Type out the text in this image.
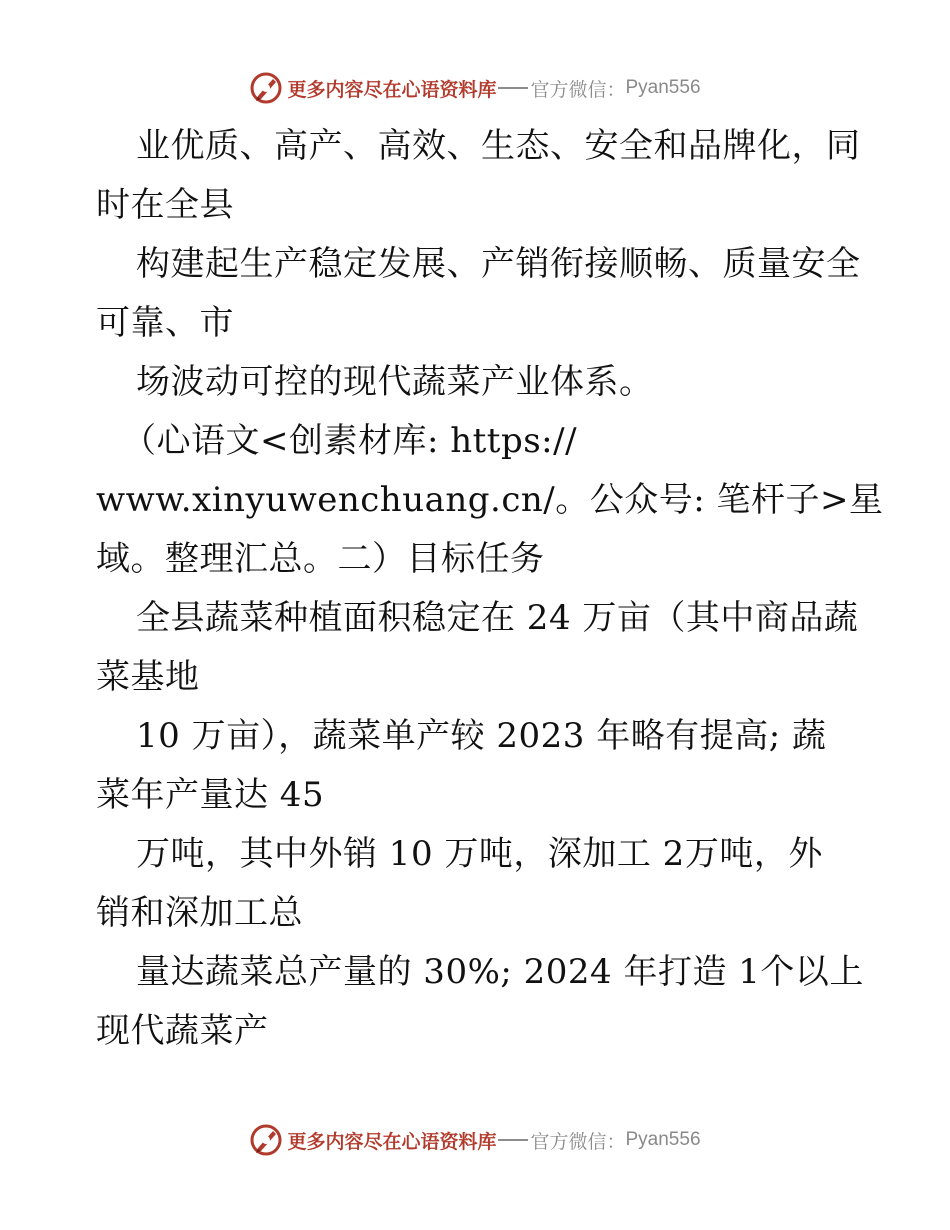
更多内容尽在心语资料库 官方微信： Pyan556
业优质、高产、高效、生态、安全和品牌化，同
时在全县
构建起生产稳定发展、产销衔接顺畅、质量安全
可靠、市
场波动可控的现代蔬菜产业体系。
（心语文<创素材库: https://
www.xinyuwenchuang.cn/。公众号: 笔杆子>星
域。整理汇总。二）目标任务
全县蔬菜种植面积稳定在 24 万亩（其中商品蔬
菜基地
10 万亩），蔬菜单产较 2023 年略有提高; 蔬
菜年产量达 45
万吨，其中外销 10 万吨，深加工 2万吨，外
销和深加工总
量达蔬菜总产量的 30%; 2024 年打造 1个以上
现代蔬菜产
更多内容尽在心语资料库 官方微信： Pyan556
